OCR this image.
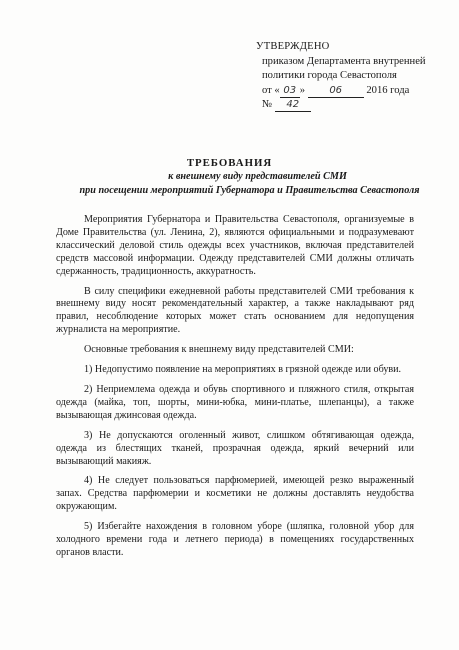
УТВЕРЖДЕНО
приказом Департамента внутренней
политики города Севастополя
от « 03 » 06 2016 года
№ 42
ТРЕБОВАНИЯ
к внешнему виду представителей СМИ
при посещении мероприятий Губернатора и Правительства Севастополя

Мероприятия Губернатора и Правительства Севастополя, организуемые в Доме Правительства (ул. Ленина, 2), являются официальными и подразумевают классический деловой стиль одежды всех участников, включая представителей средств массовой информации. Одежду представителей СМИ должны отличать сдержанность, традиционность, аккуратность.

В силу специфики ежедневной работы представителей СМИ требования к внешнему виду носят рекомендательный характер, а также накладывают ряд правил, несоблюдение которых может стать основанием для недопущения журналиста на мероприятие.

Основные требования к внешнему виду представителей СМИ:

1) Недопустимо появление на мероприятиях в грязной одежде или обуви.

2) Неприемлема одежда и обувь спортивного и пляжного стиля, открытая одежда (майка, топ, шорты, мини-юбка, мини-платье, шлепанцы), а также вызывающая джинсовая одежда.

3) Не допускаются оголенный живот, слишком обтягивающая одежда, одежда из блестящих тканей, прозрачная одежда, яркий вечерний или вызывающий макияж.

4) Не следует пользоваться парфюмерией, имеющей резко выраженный запах. Средства парфюмерии и косметики не должны доставлять неудобства окружающим.

5) Избегайте нахождения в головном уборе (шляпка, головной убор для холодного времени года и летнего периода) в помещениях государственных органов власти.
